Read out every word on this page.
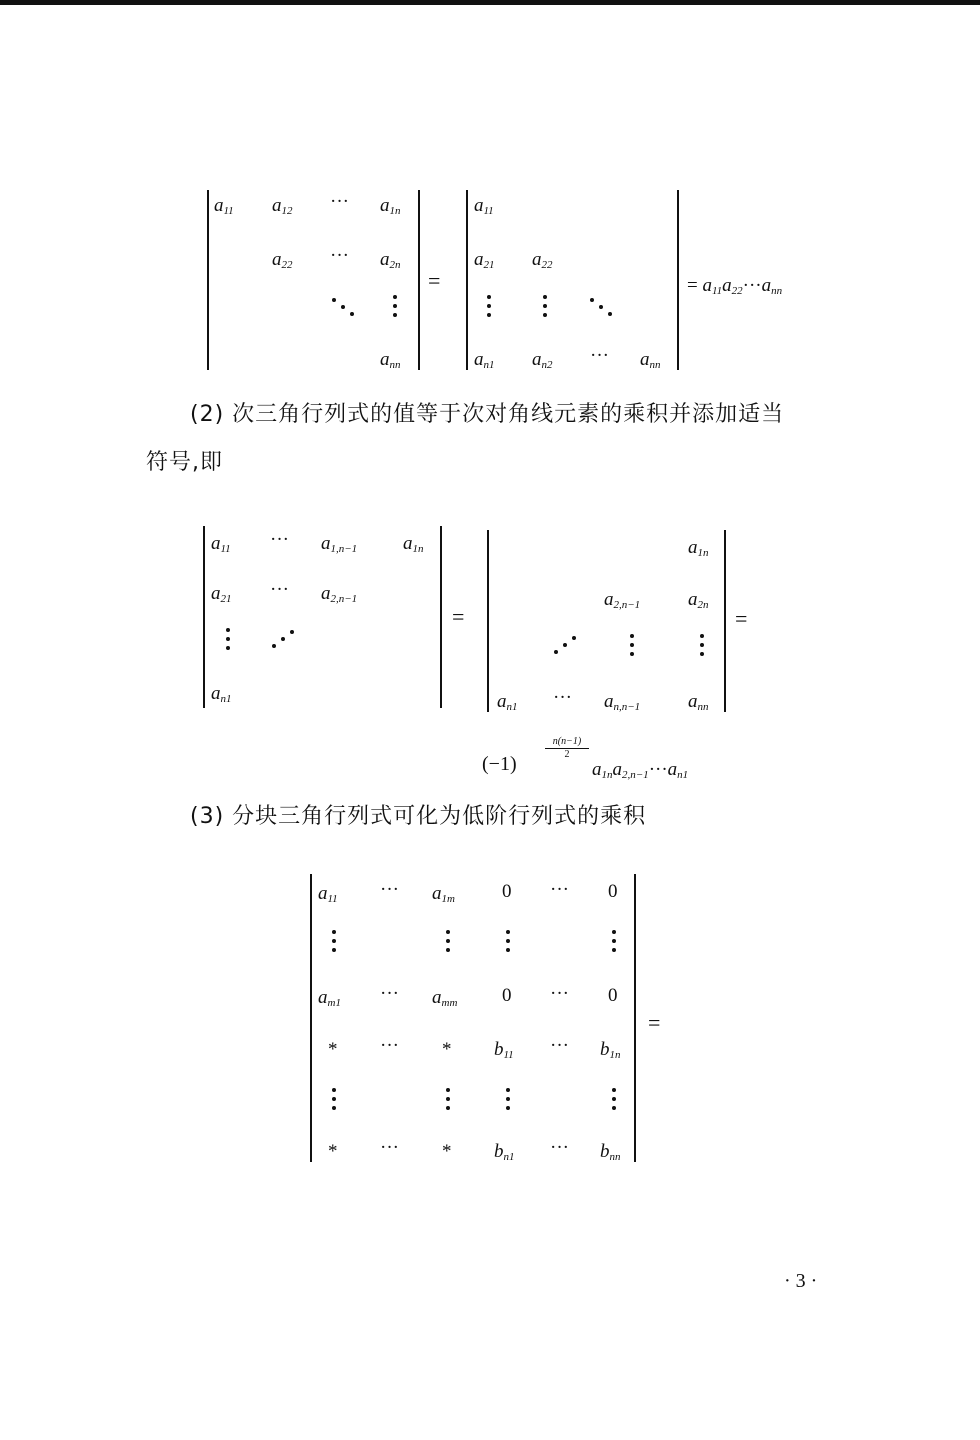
$a_{11}$ $a_{12}$ ··· $a_{1n}$
$a_{22}$ ··· $a_{2n}$
$a_{nn}$
=
$a_{11}$
$a_{21}$ $a_{22}$
$a_{n1}$ $a_{n2}$ ··· $a_{nn}$
= $a_{11}a_{22}\cdot\cdot\cdot a_{nn}$
(2) 次三角行列式的值等于次对角线元素的乘积并添加适当
符号,即
$a_{11}$ ··· $a_{1,n-1}$ $a_{1n}$
$a_{21}$ ··· $a_{2,n-1}$
$a_{n1}$
=
$a_{1n}$
$a_{2,n-1}$	$a_{2n}$
$a_{n1}$ ··· $a_{n,n-1}$	$a_{nn}$
=
(−1)
n(n−1)
2
$a_{1n}a_{2,n-1}\cdot\cdot\cdot a_{n1}$
(3) 分块三角行列式可化为低阶行列式的乘积
$a_{11}$ ··· $a_{1m}$ 0 ··· 0
$a_{m1}$ ··· $a_{mm}$ 0 ··· 0
* ··· * $b_{11}$ ··· $b_{1n}$
* ··· * $b_{n1}$ ··· $b_{nn}$
=
· 3 ·
